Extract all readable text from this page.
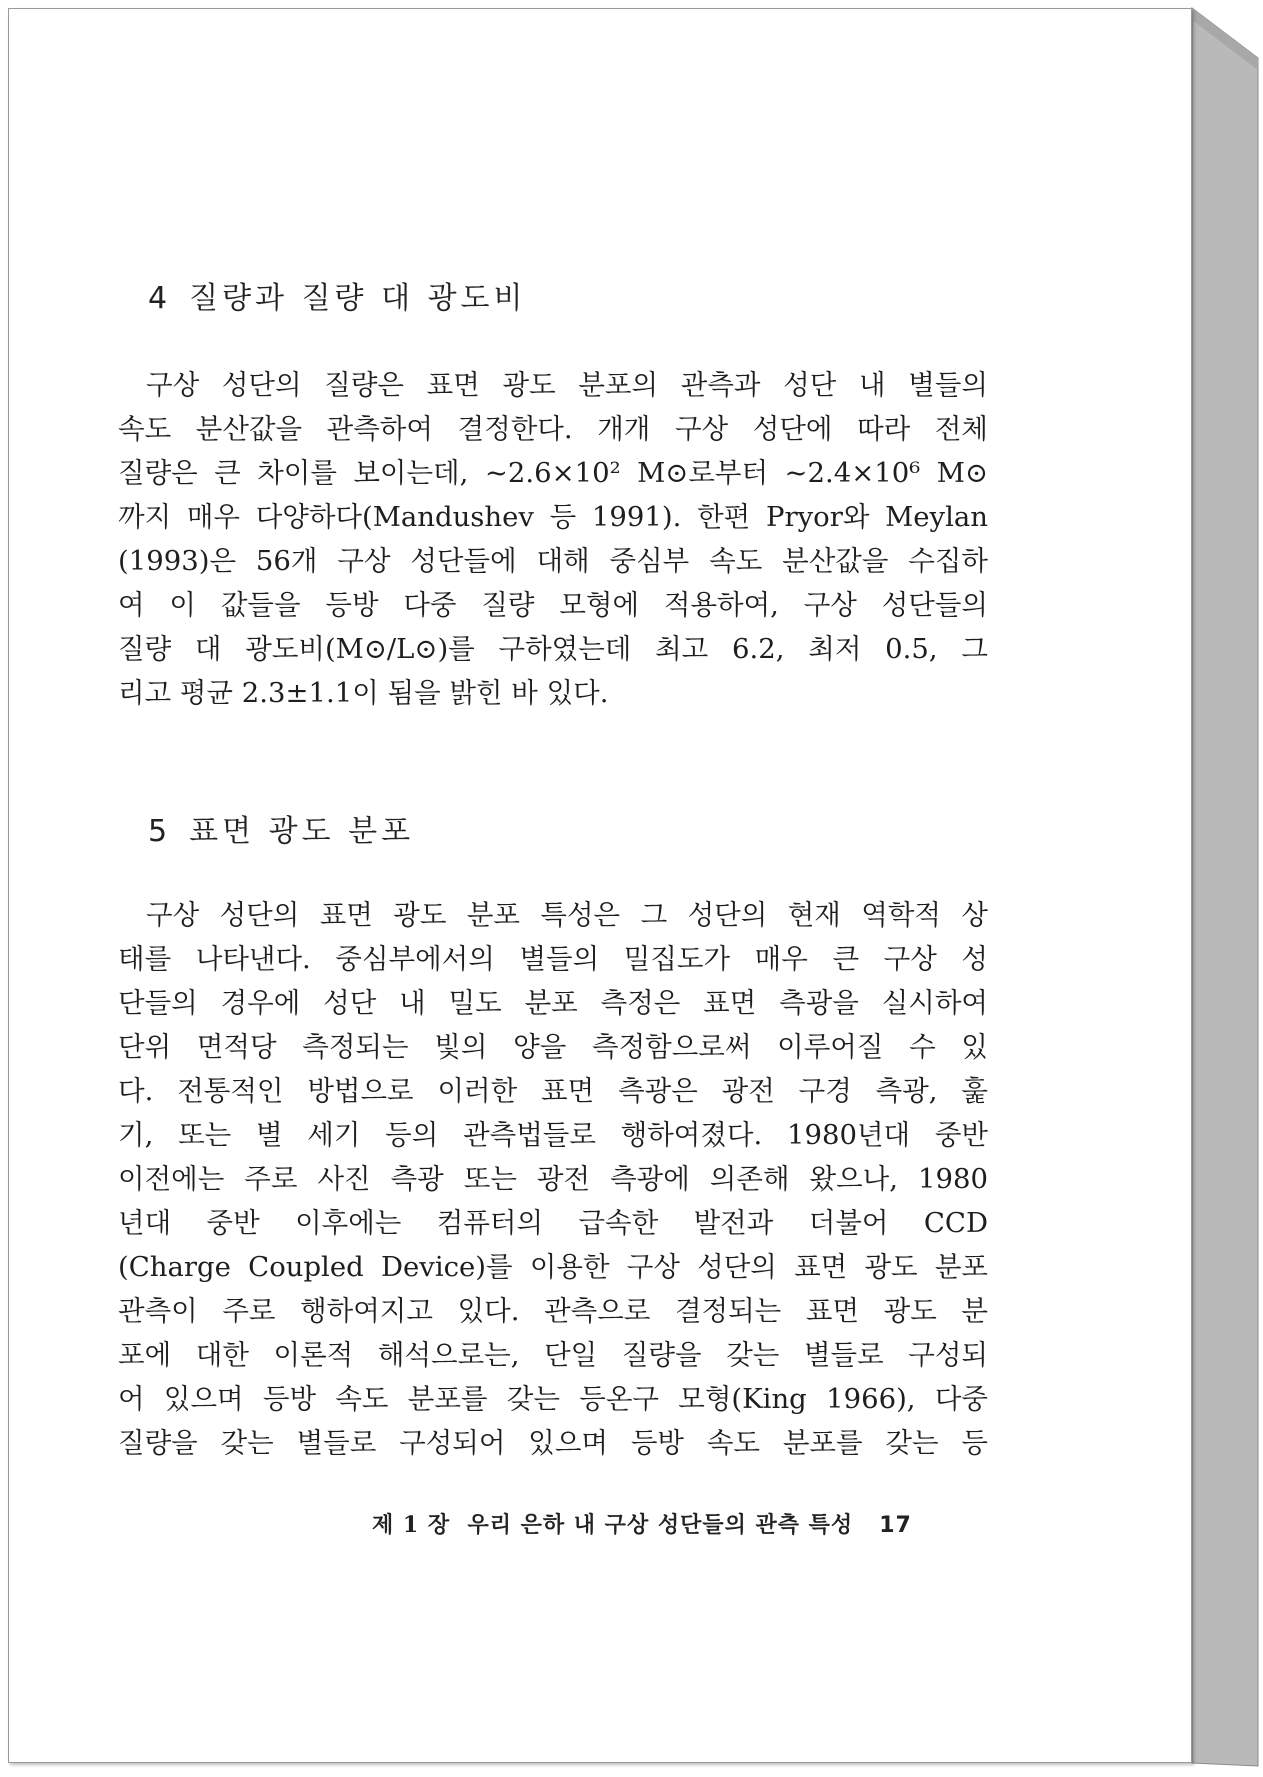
4 질량과 질량 대 광도비
구상 성단의 질량은 표면 광도 분포의 관측과 성단 내 별들의
속도 분산값을 관측하여 결정한다. 개개 구상 성단에 따라 전체
질량은 큰 차이를 보이는데, ~2.6×10² M⊙로부터 ~2.4×10⁶ M⊙
까지 매우 다양하다(Mandushev 등 1991). 한편 Pryor와 Meylan
(1993)은 56개 구상 성단들에 대해 중심부 속도 분산값을 수집하
여 이 값들을 등방 다중 질량 모형에 적용하여, 구상 성단들의
질량 대 광도비(M⊙/L⊙)를 구하였는데 최고 6.2, 최저 0.5, 그
리고 평균 2.3±1.1이 됨을 밝힌 바 있다.
5 표면 광도 분포
구상 성단의 표면 광도 분포 특성은 그 성단의 현재 역학적 상
태를 나타낸다. 중심부에서의 별들의 밀집도가 매우 큰 구상 성
단들의 경우에 성단 내 밀도 분포 측정은 표면 측광을 실시하여
단위 면적당 측정되는 빛의 양을 측정함으로써 이루어질 수 있
다. 전통적인 방법으로 이러한 표면 측광은 광전 구경 측광, 훑
기, 또는 별 세기 등의 관측법들로 행하여졌다. 1980년대 중반
이전에는 주로 사진 측광 또는 광전 측광에 의존해 왔으나, 1980
년대 중반 이후에는 컴퓨터의 급속한 발전과 더불어 CCD
(Charge Coupled Device)를 이용한 구상 성단의 표면 광도 분포
관측이 주로 행하여지고 있다. 관측으로 결정되는 표면 광도 분
포에 대한 이론적 해석으로는, 단일 질량을 갖는 별들로 구성되
어 있으며 등방 속도 분포를 갖는 등온구 모형(King 1966), 다중
질량을 갖는 별들로 구성되어 있으며 등방 속도 분포를 갖는 등
제 1 장  우리 은하 내 구상 성단들의 관측 특성 17
